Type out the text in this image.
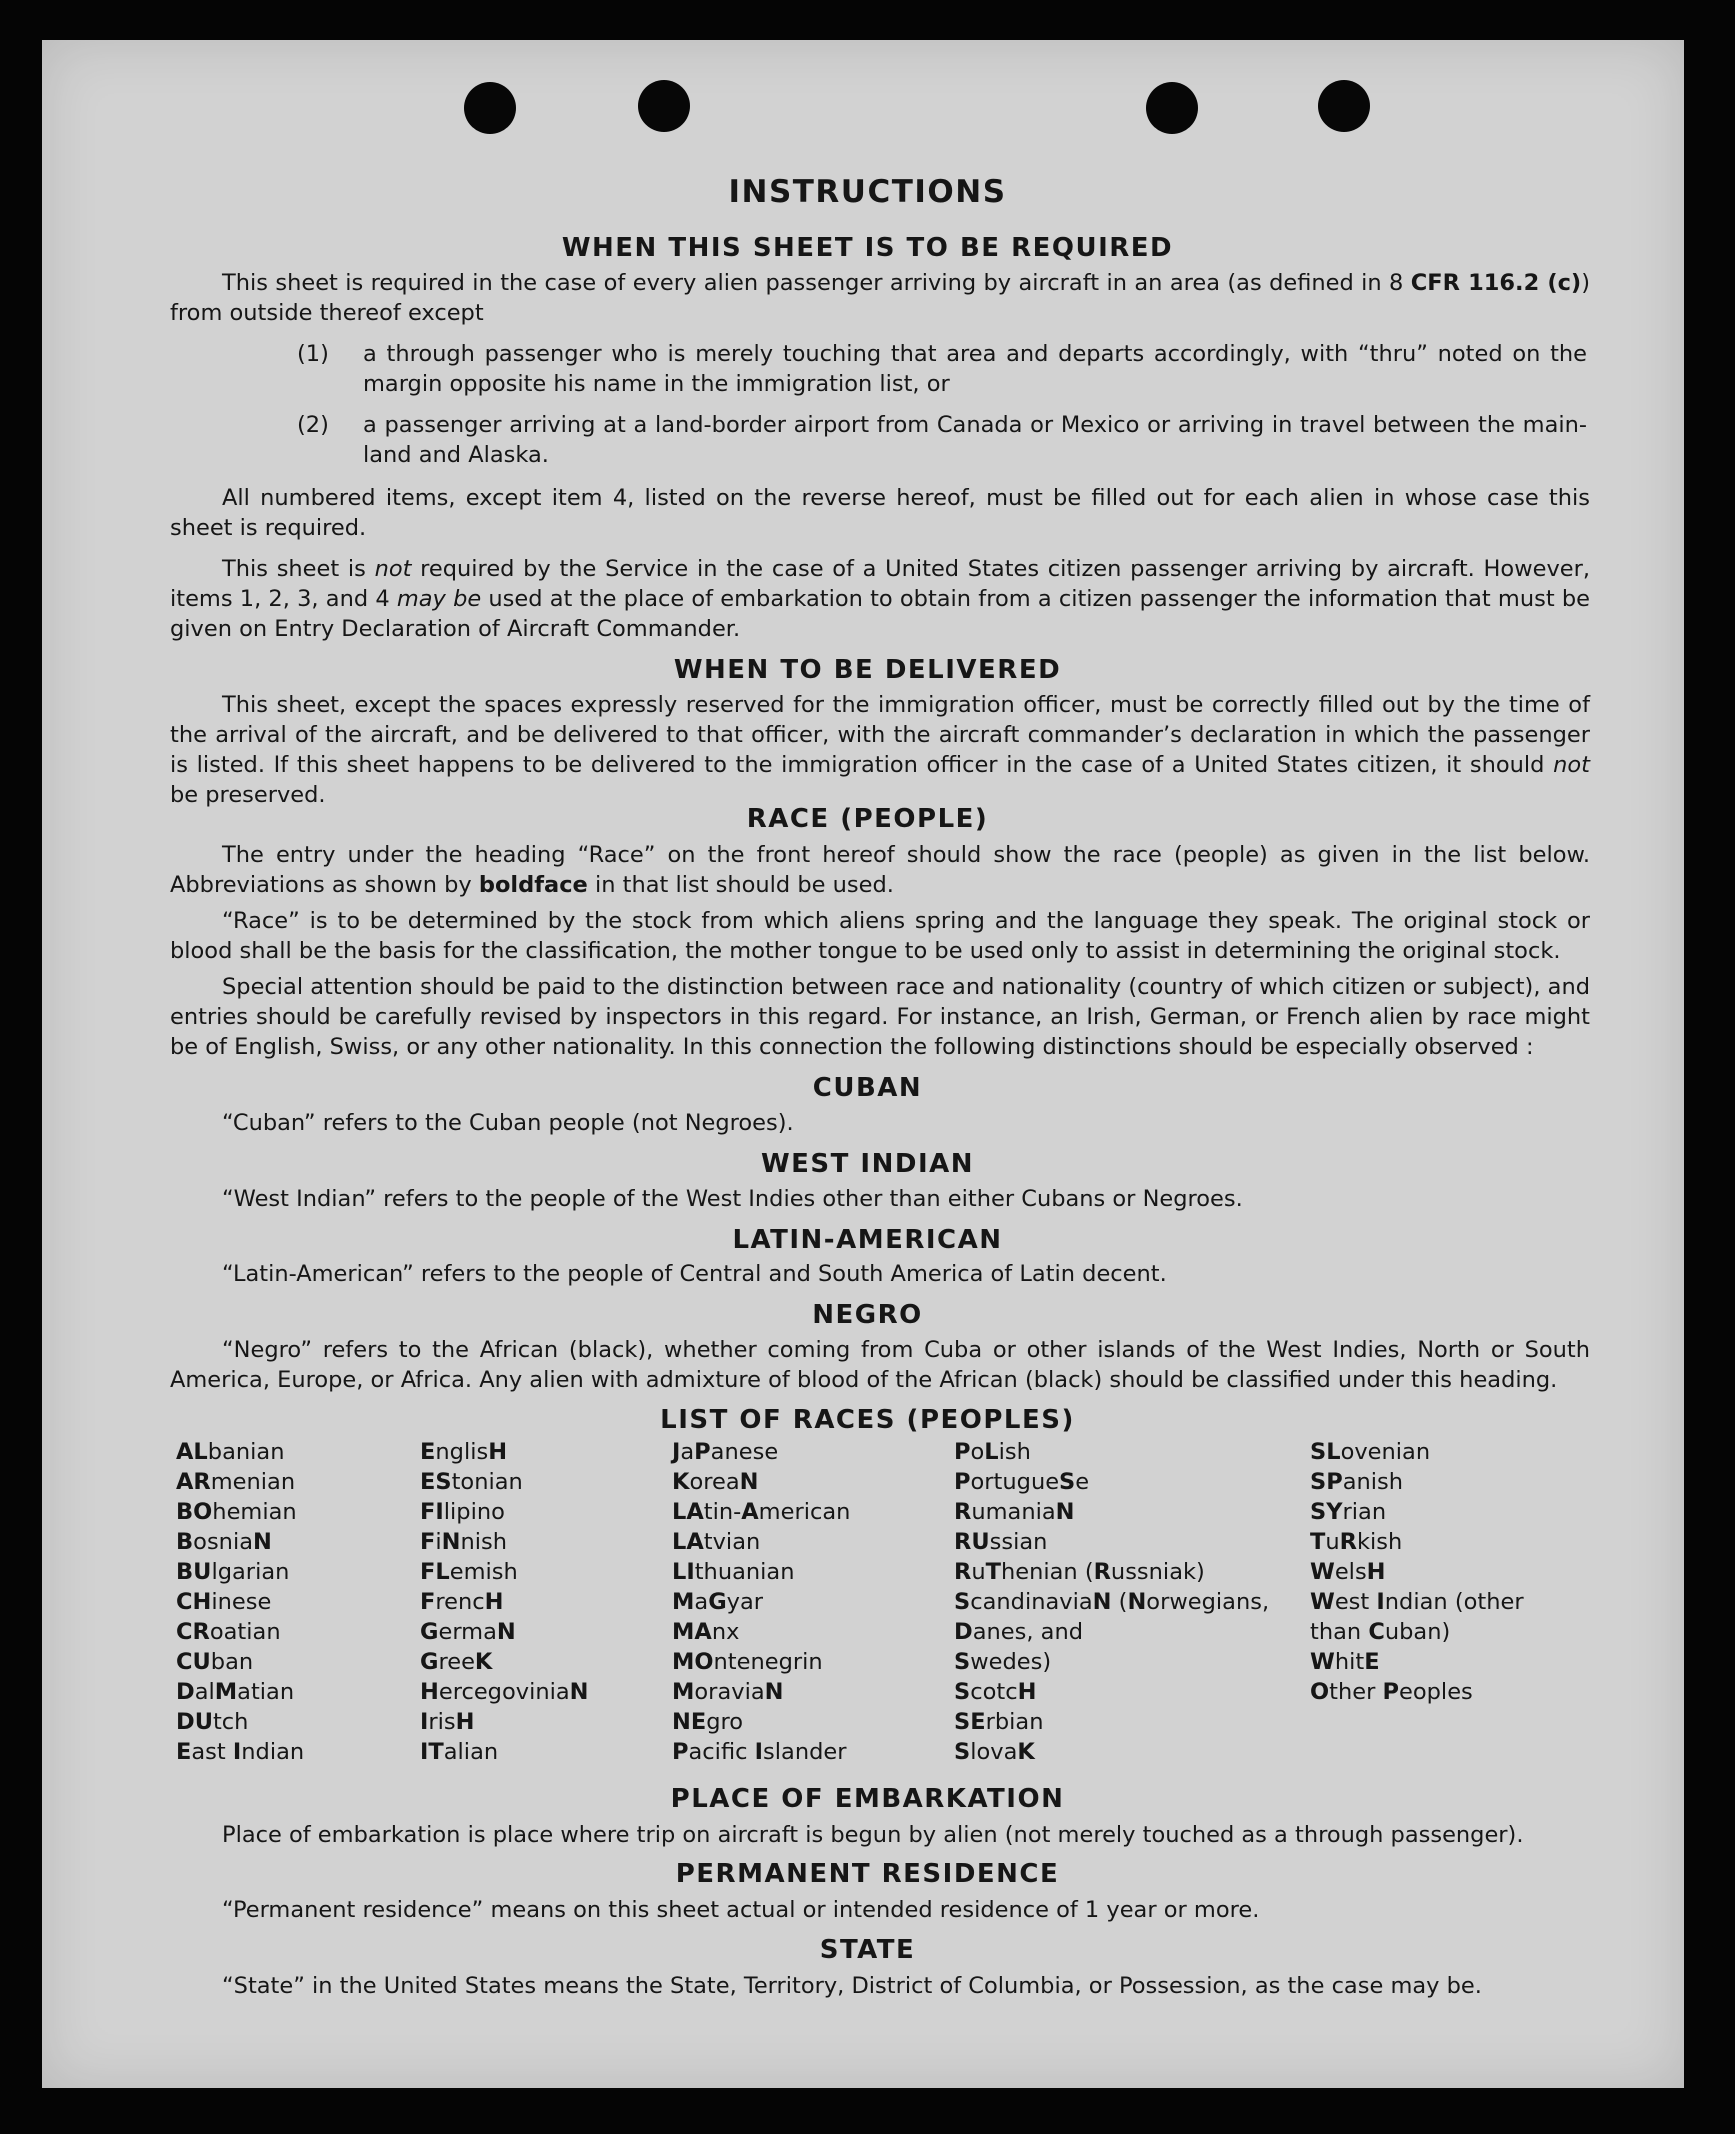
INSTRUCTIONS
WHEN THIS SHEET IS TO BE REQUIRED
This sheet is required in the case of every alien passenger arriving by aircraft in an area (as defined in 8 CFR 116.2 (c)) from outside thereof except
(1) a through passenger who is merely touching that area and departs accordingly, with “thru” noted on the margin opposite his name in the immigration list, or
(2) a passenger arriving at a land-border airport from Canada or Mexico or arriving in travel between the main-land and Alaska.
All numbered items, except item 4, listed on the reverse hereof, must be filled out for each alien in whose case this sheet is required.
This sheet is not required by the Service in the case of a United States citizen passenger arriving by aircraft. However, items 1, 2, 3, and 4 may be used at the place of embarkation to obtain from a citizen passenger the information that must be given on Entry Declaration of Aircraft Commander.
WHEN TO BE DELIVERED
This sheet, except the spaces expressly reserved for the immigration officer, must be correctly filled out by the time of the arrival of the aircraft, and be delivered to that officer, with the aircraft commander’s declaration in which the passenger is listed. If this sheet happens to be delivered to the immigration officer in the case of a United States citizen, it should not be preserved.
RACE (PEOPLE)
The entry under the heading “Race” on the front hereof should show the race (people) as given in the list below. Abbreviations as shown by boldface in that list should be used.
“Race” is to be determined by the stock from which aliens spring and the language they speak. The original stock or blood shall be the basis for the classification, the mother tongue to be used only to assist in determining the original stock.
Special attention should be paid to the distinction between race and nationality (country of which citizen or subject), and entries should be carefully revised by inspectors in this regard. For instance, an Irish, German, or French alien by race might be of English, Swiss, or any other nationality. In this connection the following distinctions should be especially observed :
CUBAN
“Cuban” refers to the Cuban people (not Negroes).
WEST INDIAN
“West Indian” refers to the people of the West Indies other than either Cubans or Negroes.
LATIN-AMERICAN
“Latin-American” refers to the people of Central and South America of Latin decent.
NEGRO
“Negro” refers to the African (black), whether coming from Cuba or other islands of the West Indies, North or South America, Europe, or Africa. Any alien with admixture of blood of the African (black) should be classified under this heading.
LIST OF RACES (PEOPLES)
ALbanian
ARmenian
BOhemian
BosniaN
BUlgarian
CHinese
CRoatian
CUban
DalMatian
DUtch
East Indian
EnglisH
EStonian
FIlipino
FiNnish
FLemish
FrencH
GermaN
GreeK
HercegoviniaN
IrisH
ITalian
JaPanese
KoreaN
LAtin-American
LAtvian
LIthuanian
MaGyar
MAnx
MOntenegrin
MoraviaN
NEgro
Pacifc Islander
PoLish
PortugueSe
RumaniaN
RUssian
RuThenian (Russniak)
ScandinaviaN (Norwegians,
Danes, and
Swedes)
ScotcH
SErbian
SlovaK
SLovenian
SPanish
SYrian
TuRkish
WelsH
West Indian (other
than Cuban)
WhitE
Other Peoples
PLACE OF EMBARKATION
Place of embarkation is place where trip on aircraft is begun by alien (not merely touched as a through passenger).
PERMANENT RESIDENCE
“Permanent residence” means on this sheet actual or intended residence of 1 year or more.
STATE
“State” in the United States means the State, Territory, District of Columbia, or Possession, as the case may be.
